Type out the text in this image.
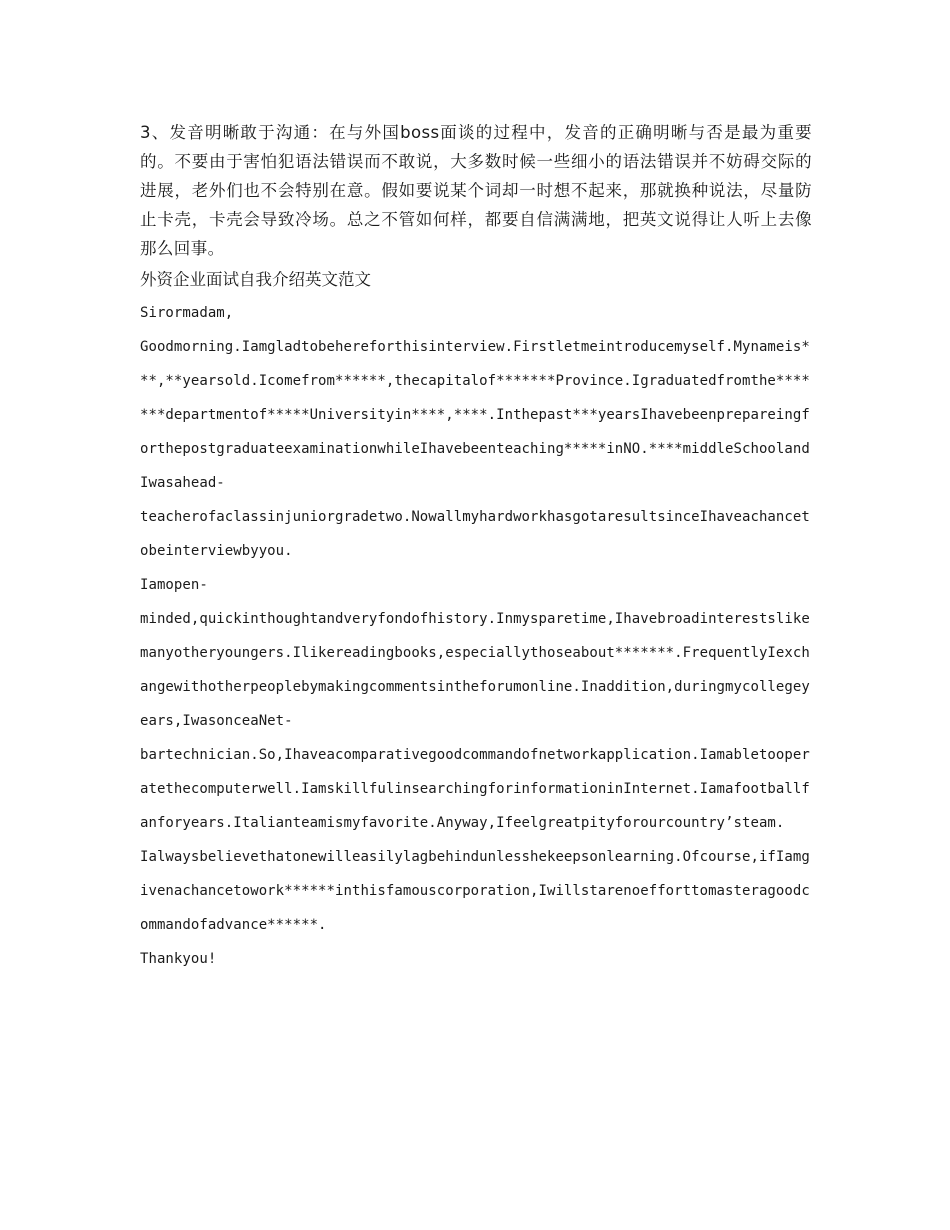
3、发音明晰敢于沟通：在与外国boss面谈的过程中，发音的正确明晰与否是最为重要的。不要由于害怕犯语法错误而不敢说，大多数时候一些细小的语法错误并不妨碍交际的进展，老外们也不会特别在意。假如要说某个词却一时想不起来，那就换种说法，尽量防止卡壳，卡壳会导致冷场。总之不管如何样，都要自信满满地，把英文说得让人听上去像那么回事。

外资企业面试自我介绍英文范文

Sirormadam,

Goodmorning.Iamgladtobehereforthisinterview.Firstletmeintroducemyself.Mynameis***,**yearsold.Icomefrom******,thecapitalof*******Province.Igraduatedfromthe*******departmentof*****Universityin****,****.Inthepast***yearsIhavebeenprepareingforthepostgraduateexaminationwhileIhavebeenteaching*****inNO.****middleSchoolandIwasahead-

teacherofaclassinjuniorgradetwo.NowallmyhardworkhasgotaresultsinceIhaveachancetobeinterviewbyyou.

Iamopen-

minded,quickinthoughtandveryfondofhistory.Inmysparetime,Ihavebroadinterestslikemanyotheryoungers.Ilikereadingbooks,especiallythoseabout*******.FrequentlyIexchangewithotherpeoplebymakingcommentsintheforumonline.Inaddition,duringmycollegeyears,IwasonceaNet-

bartechnician.So,Ihaveacomparativegoodcommandofnetworkapplication.Iamabletooperatethecomputerwell.IamskillfulinsearchingforinformationinInternet.Iamafootballfanforyears.Italianteamismyfavorite.Anyway,Ifeelgreatpityforourcountry’steam.

Ialwaysbelievethatonewilleasilylagbehindunlesshekeepsonlearning.Ofcourse,ifIamgivenachancetowork******inthisfamouscorporation,Iwillstarenoefforttomasteragoodcommandofadvance******.

Thankyou!
